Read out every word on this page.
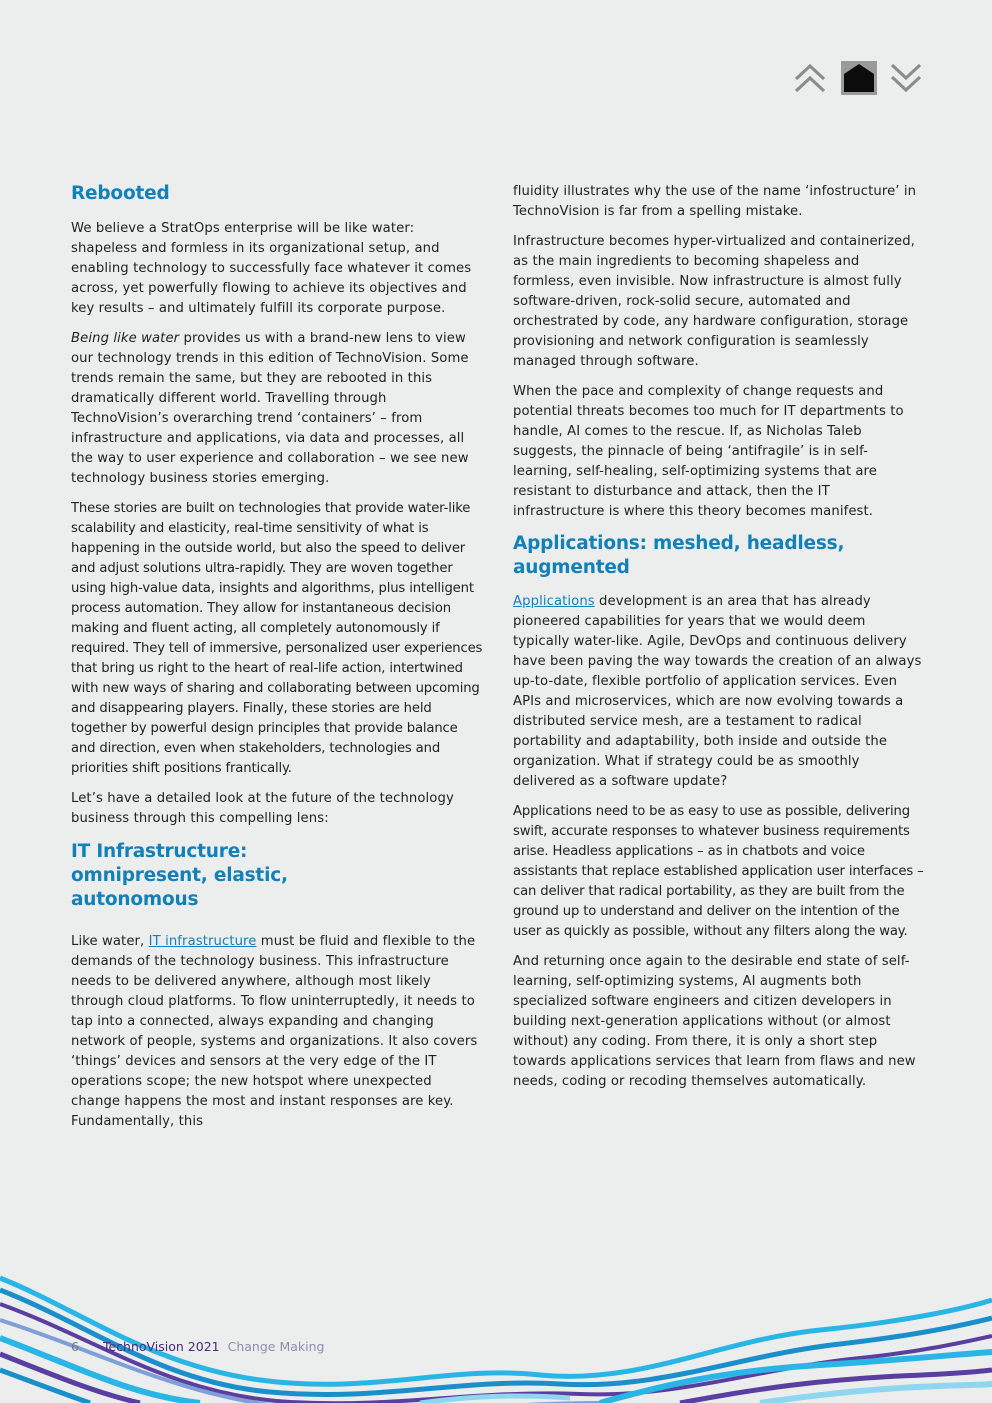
Rebooted

We believe a StratOps enterprise will be like water: shapeless and formless in its organizational setup, and enabling technology to successfully face whatever it comes across, yet powerfully flowing to achieve its objectives and key results – and ultimately fulfill its corporate purpose.

Being like water provides us with a brand-new lens to view our technology trends in this edition of TechnoVision. Some trends remain the same, but they are rebooted in this dramatically different world. Travelling through TechnoVision’s overarching trend ‘containers’ – from infrastructure and applications, via data and processes, all the way to user experience and collaboration – we see new technology business stories emerging.

These stories are built on technologies that provide water-like scalability and elasticity, real-time sensitivity of what is happening in the outside world, but also the speed to deliver and adjust solutions ultra-rapidly. They are woven together using high-value data, insights and algorithms, plus intelligent process automation. They allow for instantaneous decision making and fluent acting, all completely autonomously if required. They tell of immersive, personalized user experiences that bring us right to the heart of real-life action, intertwined with new ways of sharing and collaborating between upcoming and disappearing players. Finally, these stories are held together by powerful design principles that provide balance and direction, even when stakeholders, technologies and priorities shift positions frantically.

Let’s have a detailed look at the future of the technology business through this compelling lens:

IT Infrastructure: omnipresent, elastic, autonomous

Like water, IT infrastructure must be fluid and flexible to the demands of the technology business. This infrastructure needs to be delivered anywhere, although most likely through cloud platforms. To flow uninterruptedly, it needs to tap into a connected, always expanding and changing network of people, systems and organizations. It also covers ‘things’ devices and sensors at the very edge of the IT operations scope; the new hotspot where unexpected change happens the most and instant responses are key. Fundamentally, this

fluidity illustrates why the use of the name ‘infostructure’ in TechnoVision is far from a spelling mistake.

Infrastructure becomes hyper-virtualized and containerized, as the main ingredients to becoming shapeless and formless, even invisible. Now infrastructure is almost fully software-driven, rock-solid secure, automated and orchestrated by code, any hardware configuration, storage provisioning and network configuration is seamlessly managed through software.

When the pace and complexity of change requests and potential threats becomes too much for IT departments to handle, AI comes to the rescue. If, as Nicholas Taleb suggests, the pinnacle of being ‘antifragile’ is in self-learning, self-healing, self-optimizing systems that are resistant to disturbance and attack, then the IT infrastructure is where this theory becomes manifest.

Applications: meshed, headless, augmented

Applications development is an area that has already pioneered capabilities for years that we would deem typically water-like. Agile, DevOps and continuous delivery have been paving the way towards the creation of an always up-to-date, flexible portfolio of application services. Even APIs and microservices, which are now evolving towards a distributed service mesh, are a testament to radical portability and adaptability, both inside and outside the organization. What if strategy could be as smoothly delivered as a software update?

Applications need to be as easy to use as possible, delivering swift, accurate responses to whatever business requirements arise. Headless applications – as in chatbots and voice assistants that replace established application user interfaces – can deliver that radical portability, as they are built from the ground up to understand and deliver on the intention of the user as quickly as possible, without any filters along the way.

And returning once again to the desirable end state of self-learning, self-optimizing systems, AI augments both specialized software engineers and citizen developers in building next-generation applications without (or almost without) any coding. From there, it is only a short step towards applications services that learn from flaws and new needs, coding or recoding themselves automatically.

6 TechnoVision 2021 Change Making
